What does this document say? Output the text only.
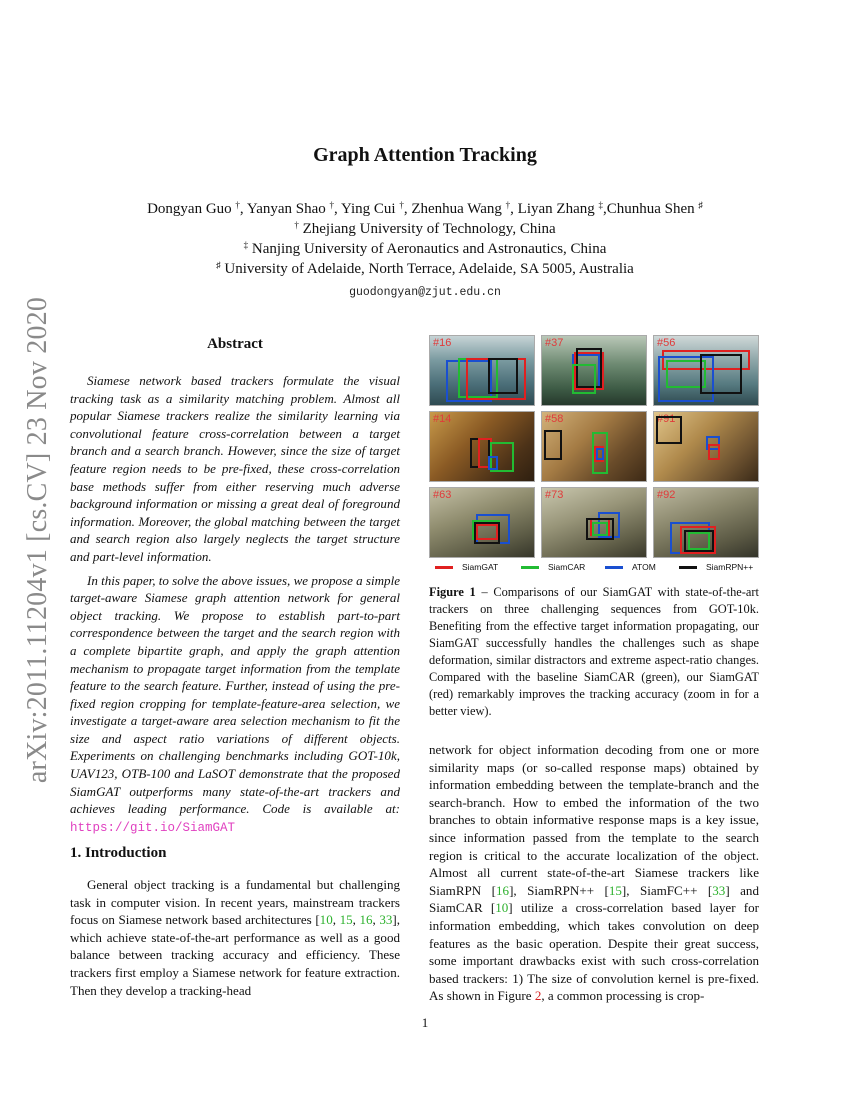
arXiv:2011.11204v1 [cs.CV] 23 Nov 2020
Graph Attention Tracking
Dongyan Guo †, Yanyan Shao †, Ying Cui †, Zhenhua Wang †, Liyan Zhang ‡,Chunhua Shen ♯
† Zhejiang University of Technology, China
‡ Nanjing University of Aeronautics and Astronautics, China
♯ University of Adelaide, North Terrace, Adelaide, SA 5005, Australia
guodongyan@zjut.edu.cn
Abstract

Siamese network based trackers formulate the visual tracking task as a similarity matching problem. Almost all popular Siamese trackers realize the similarity learning via convolutional feature cross-correlation between a target branch and a search branch. However, since the size of target feature region needs to be pre-fixed, these cross-correlation base methods suffer from either reserving much adverse background information or missing a great deal of foreground information. Moreover, the global matching between the target and search region also largely neglects the target structure and part-level information.

In this paper, to solve the above issues, we propose a simple target-aware Siamese graph attention network for general object tracking. We propose to establish part-to-part correspondence between the target and the search region with a complete bipartite graph, and apply the graph attention mechanism to propagate target information from the template feature to the search feature. Further, instead of using the pre-fixed region cropping for template-feature-area selection, we investigate a target-aware area selection mechanism to fit the size and aspect ratio variations of different objects. Experiments on challenging benchmarks including GOT-10k, UAV123, OTB-100 and LaSOT demonstrate that the proposed SiamGAT outperforms many state-of-the-art trackers and achieves leading performance. Code is available at: https://git.io/SiamGAT

1. Introduction

General object tracking is a fundamental but challenging task in computer vision. In recent years, mainstream trackers focus on Siamese network based architectures [10, 15, 16, 33], which achieve state-of-the-art performance as well as a good balance between tracking accuracy and efficiency. These trackers first employ a Siamese network for feature extraction. Then they develop a tracking-head

#16	#37	#56
#14	#58	#91
#63	#73	#92
SiamGAT	SiamCAR	ATOM	SiamRPN++
Figure 1 – Comparisons of our SiamGAT with state-of-the-art trackers on three challenging sequences from GOT-10k. Benefiting from the effective target information propagating, our SiamGAT successfully handles the challenges such as shape deformation, similar distractors and extreme aspect-ratio changes. Compared with the baseline SiamCAR (green), our SiamGAT (red) remarkably improves the tracking accuracy (zoom in for a better view).

network for object information decoding from one or more similarity maps (or so-called response maps) obtained by information embedding between the template-branch and the search-branch. How to embed the information of the two branches to obtain informative response maps is a key issue, since information passed from the template to the search region is critical to the accurate localization of the object. Almost all current state-of-the-art Siamese trackers like SiamRPN [16], SiamRPN++ [15], SiamFC++ [33] and SiamCAR [10] utilize a cross-correlation based layer for information embedding, which takes convolution on deep features as the basic operation. Despite their great success, some important drawbacks exist with such cross-correlation based trackers: 1) The size of convolution kernel is pre-fixed. As shown in Figure 2, a common processing is crop-

1
